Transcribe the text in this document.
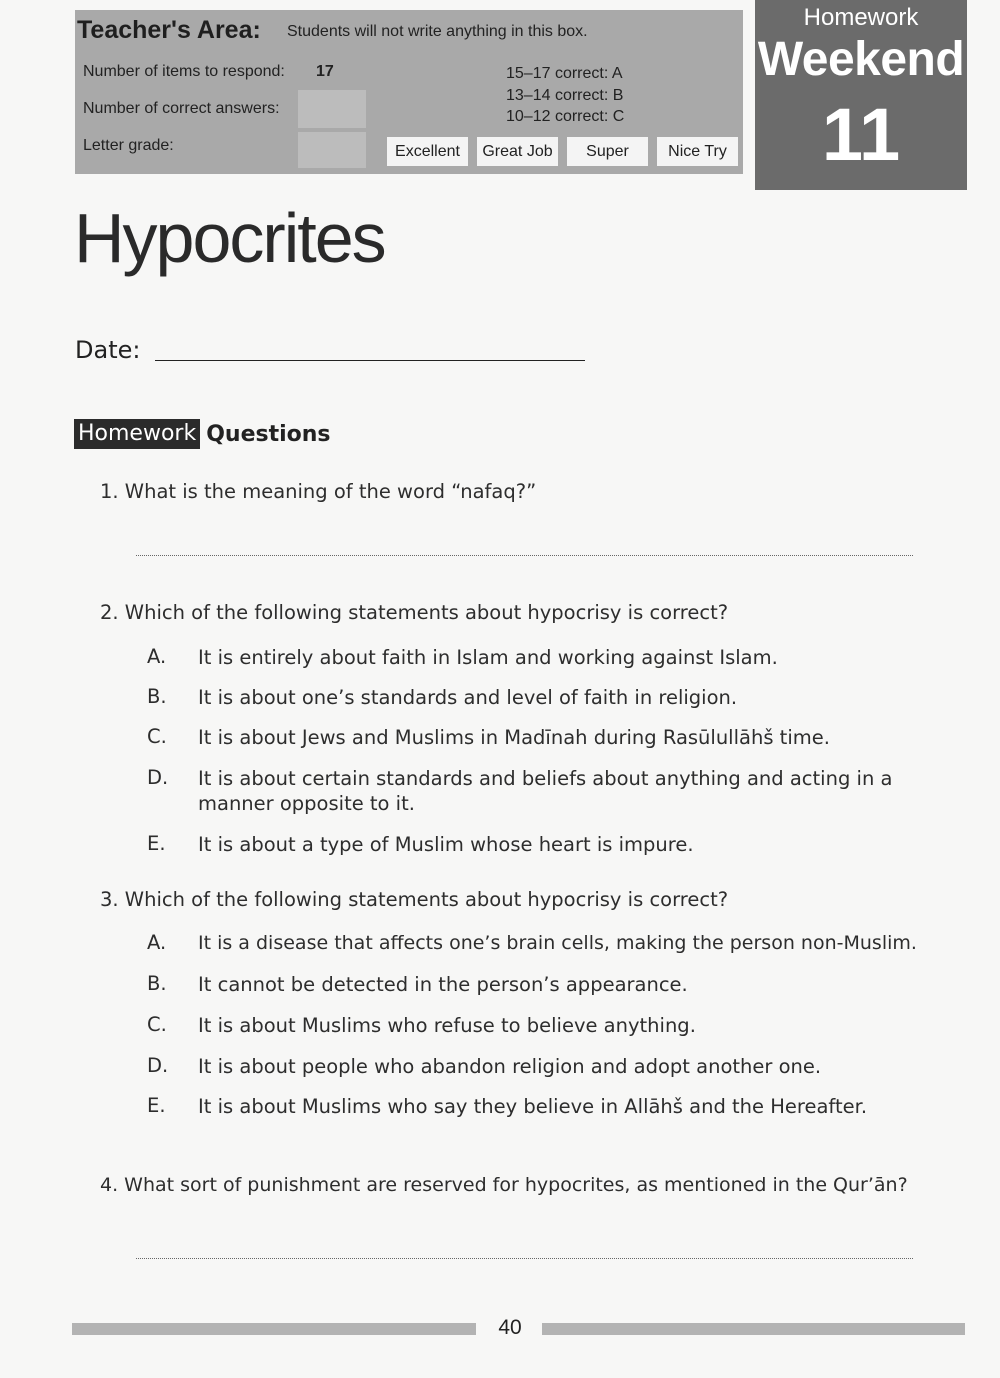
Teacher's Area: Students will not write anything in this box.
Number of items to respond: 17
Number of correct answers:
Letter grade:
15–17 correct: A
13–14 correct: B
10–12 correct: C
Excellent	Great Job	Super	Nice Try
Homework
Weekend
11
Hypocrites
Date:
Homework Questions
1. What is the meaning of the word “nafaq?”
2. Which of the following statements about hypocrisy is correct?
A. It is entirely about faith in Islam and working against Islam.
B. It is about one’s standards and level of faith in religion.
C. It is about Jews and Muslims in Madīnah during Rasūlullāhš time.
D. It is about certain standards and beliefs about anything and acting in a manner opposite to it.
E. It is about a type of Muslim whose heart is impure.
3. Which of the following statements about hypocrisy is correct?
A. It is a disease that affects one’s brain cells, making the person non-Muslim.
B. It cannot be detected in the person’s appearance.
C. It is about Muslims who refuse to believe anything.
D. It is about people who abandon religion and adopt another one.
E. It is about Muslims who say they believe in Allāhš and the Hereafter.
4. What sort of punishment are reserved for hypocrites, as mentioned in the Qur’ān?
40
